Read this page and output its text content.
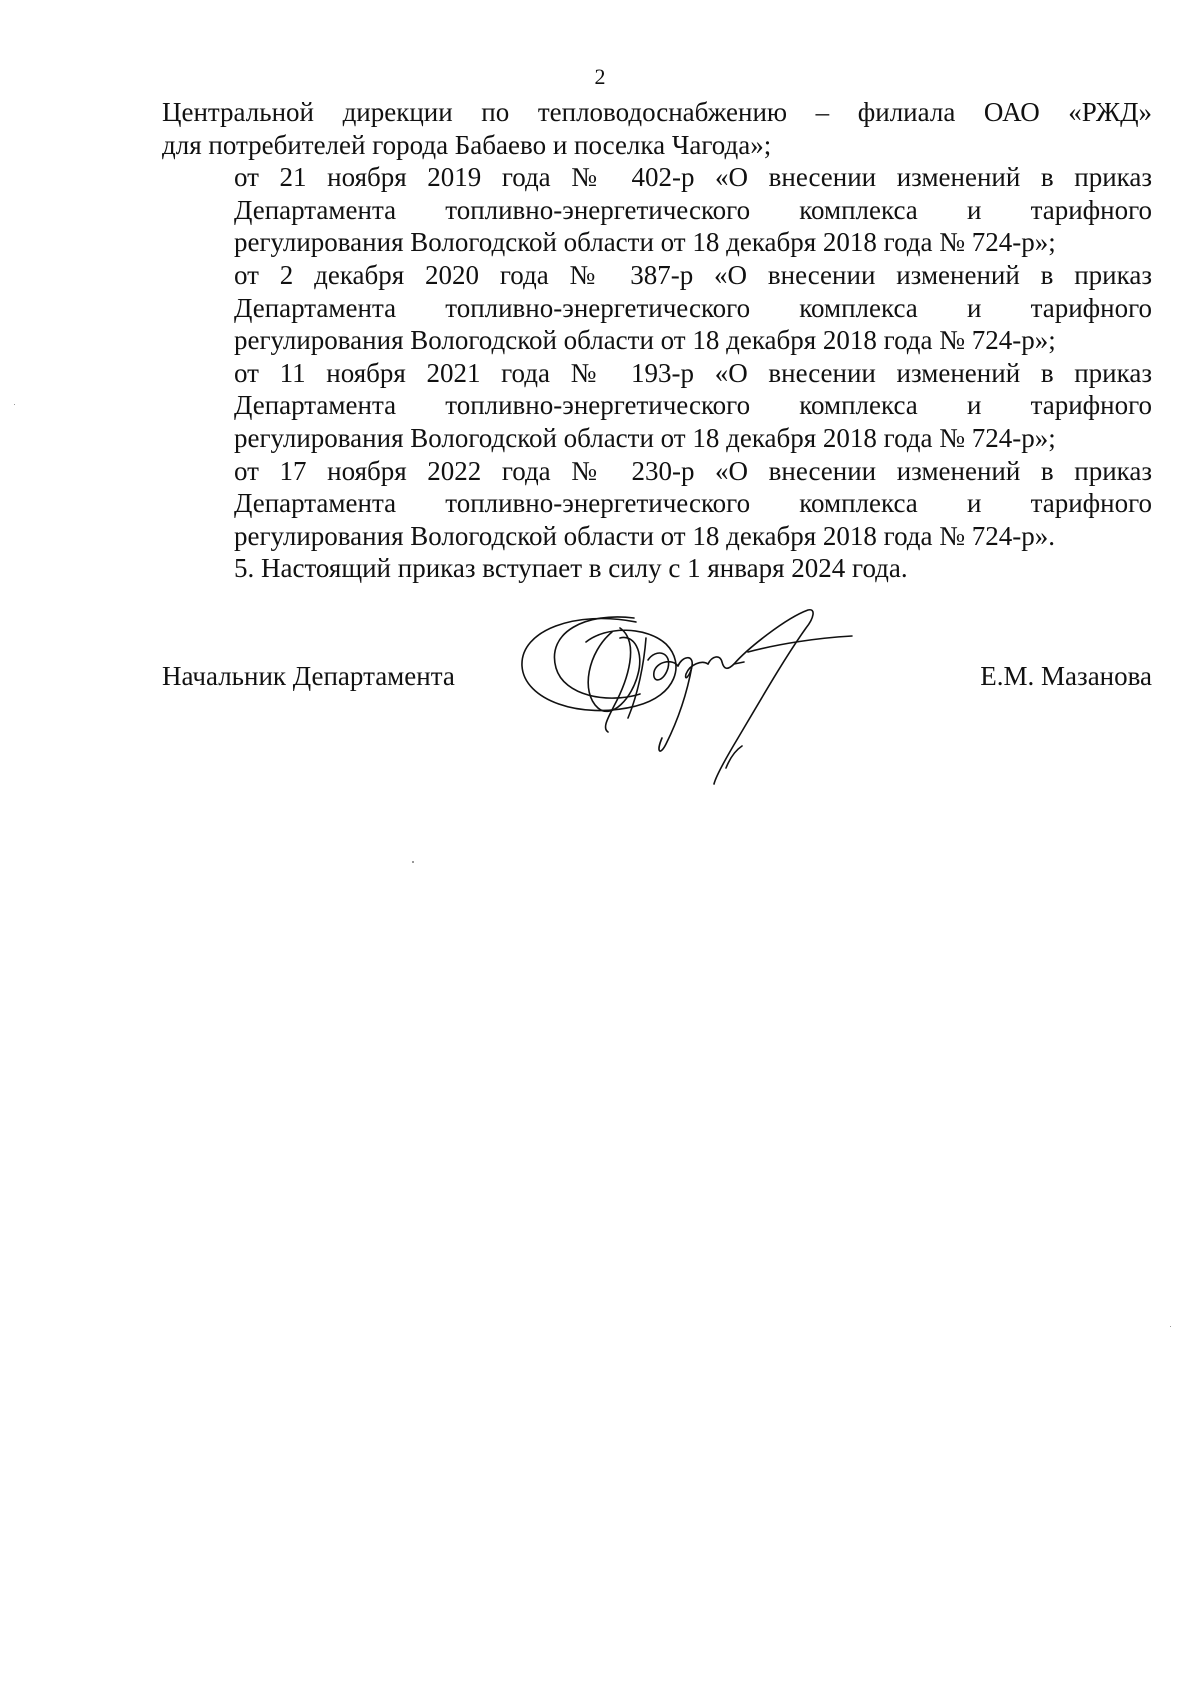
2

Центральной дирекции по тепловодоснабжению – филиала ОАО «РЖД»
для потребителей города Бабаево и поселка Чагода»;

от 21 ноября 2019 года № 402-р «О внесении изменений в приказ
Департамента топливно-энергетического комплекса и тарифного
регулирования Вологодской области от 18 декабря 2018 года № 724-р»;

от 2 декабря 2020 года № 387-р «О внесении изменений в приказ
Департамента топливно-энергетического комплекса и тарифного
регулирования Вологодской области от 18 декабря 2018 года № 724-р»;

от 11 ноября 2021 года № 193-р «О внесении изменений в приказ
Департамента топливно-энергетического комплекса и тарифного
регулирования Вологодской области от 18 декабря 2018 года № 724-р»;

от 17 ноября 2022 года № 230-р «О внесении изменений в приказ
Департамента топливно-энергетического комплекса и тарифного
регулирования Вологодской области от 18 декабря 2018 года № 724-р».

5. Настоящий приказ вступает в силу с 1 января 2024 года.

Начальник Департамента	Е.М. Мазанова
